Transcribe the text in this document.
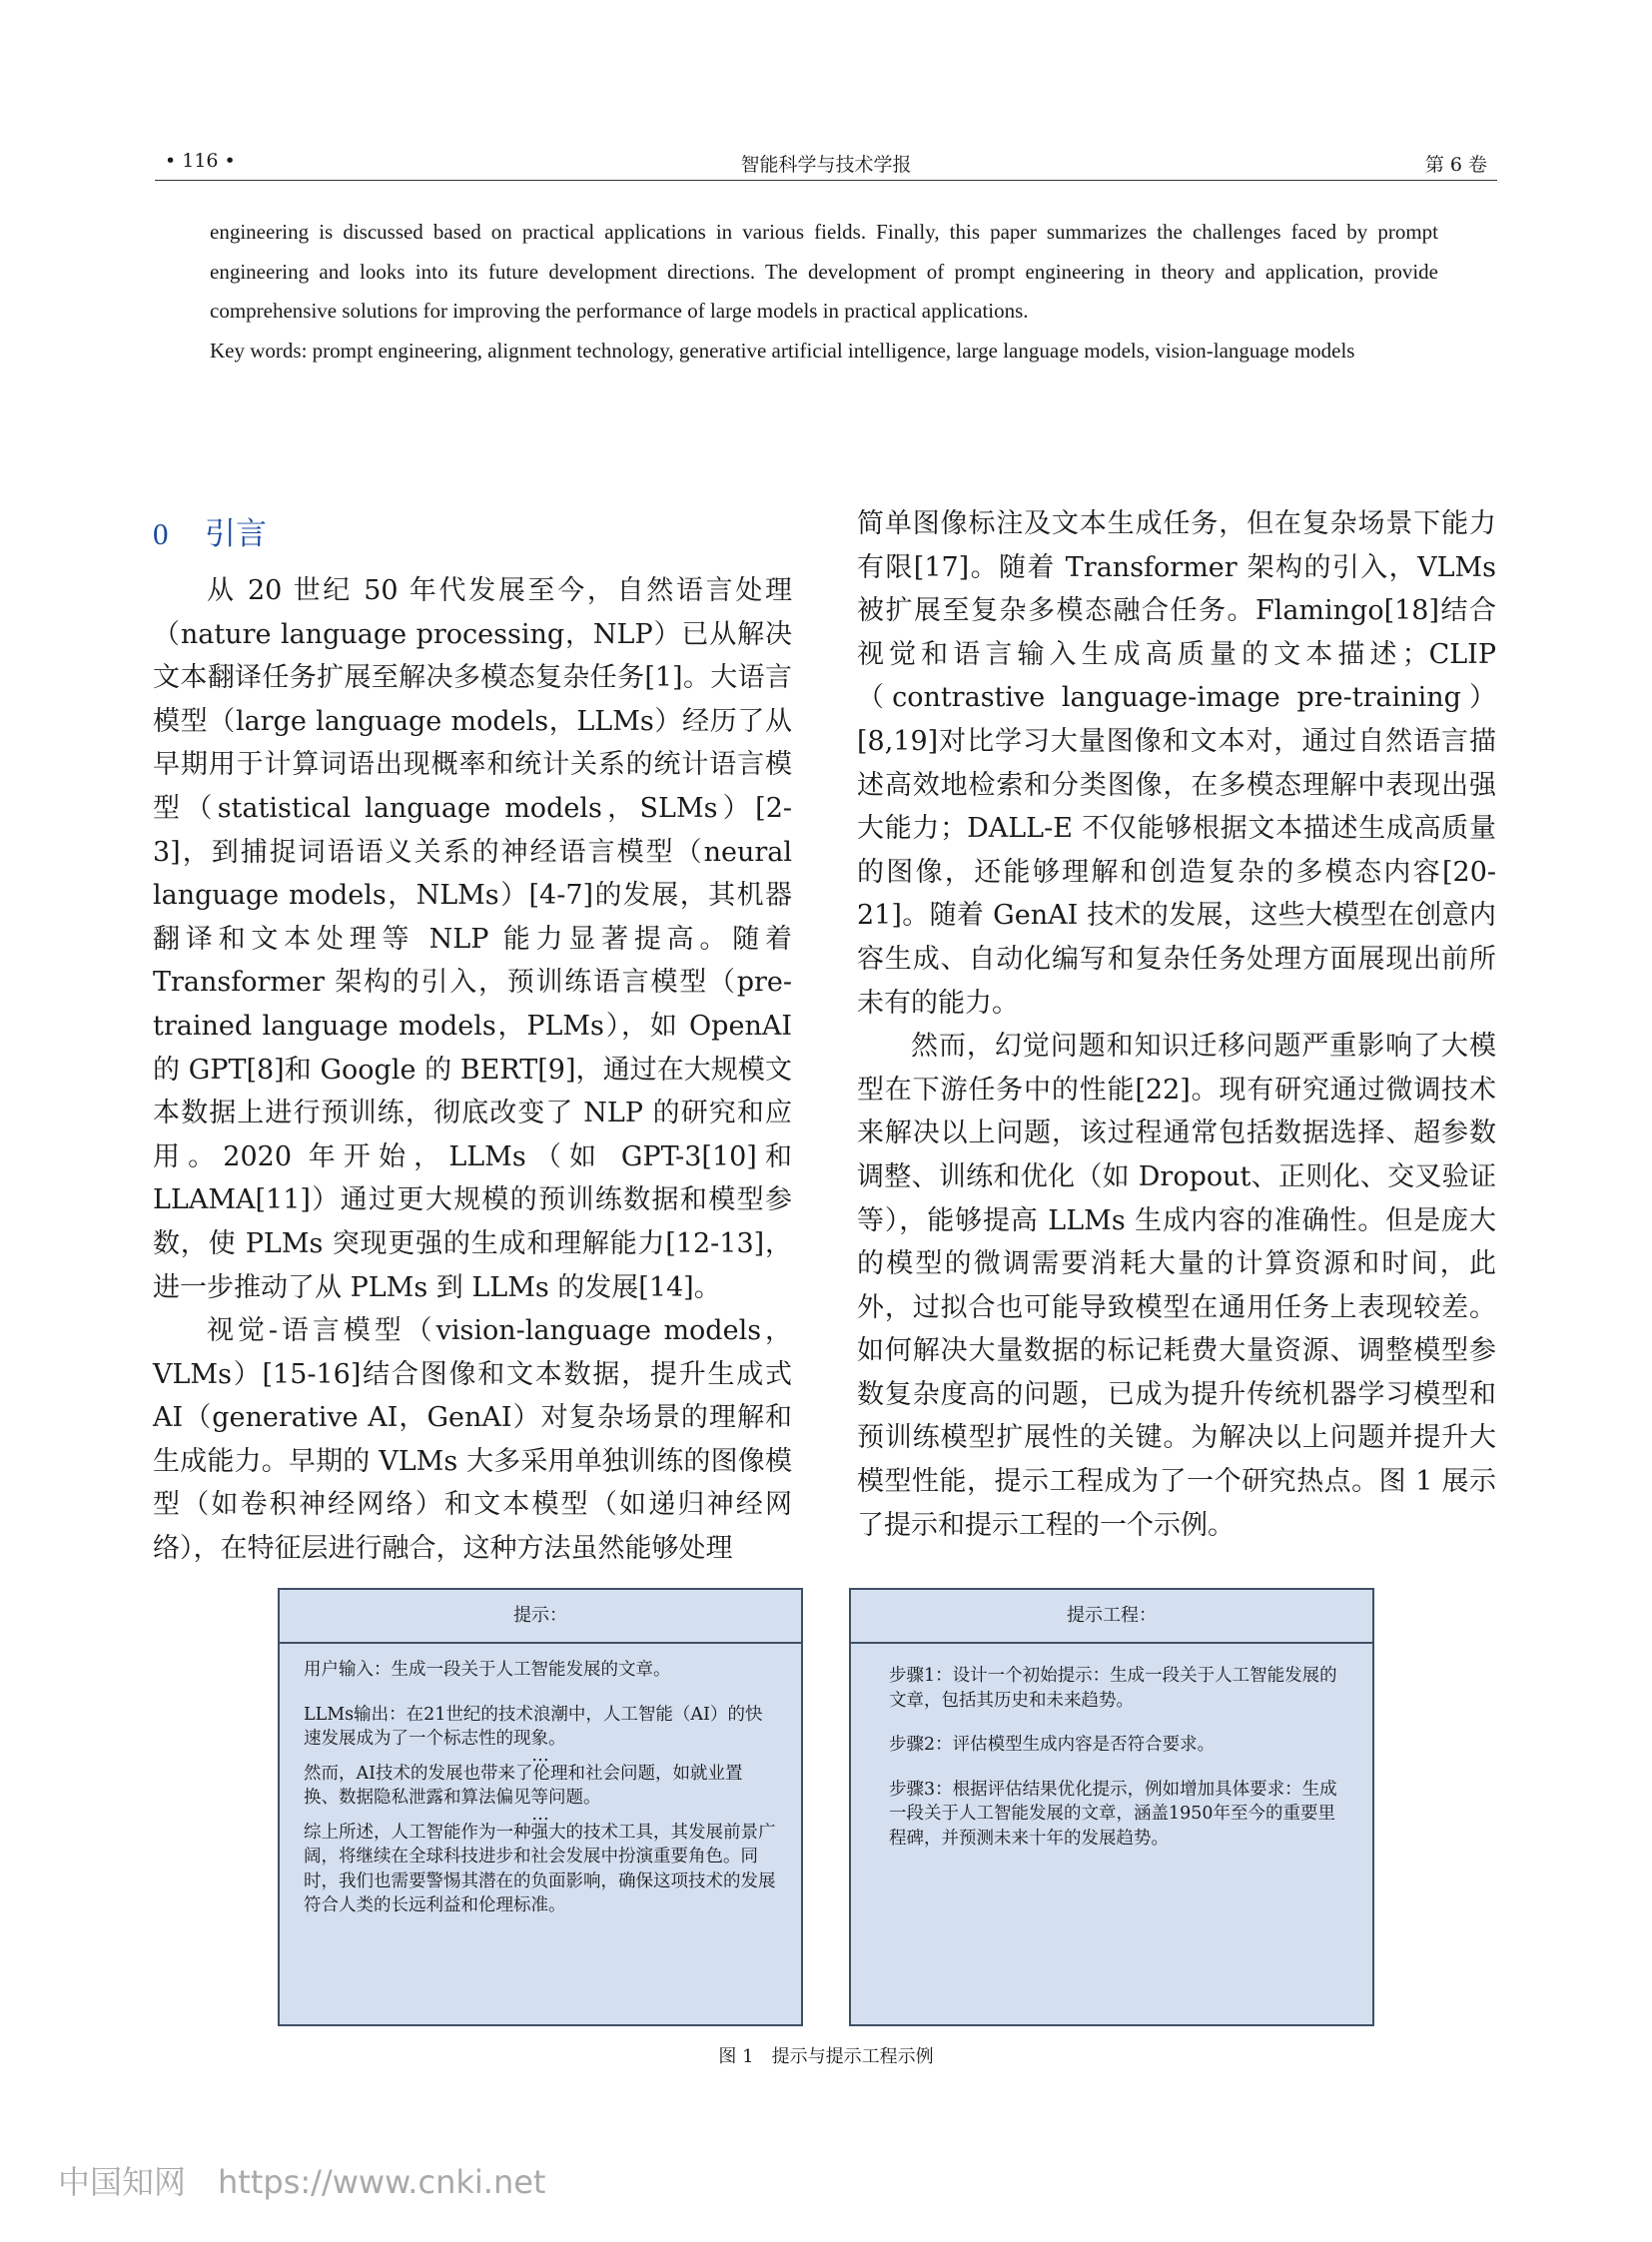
智能科学与技术学报
• 116 •	第 6 卷

engineering is discussed based on practical applications in various fields. Finally, this paper summarizes the challenges faced by prompt engineering and looks into its future development directions. The development of prompt engineering in theory and application, provide comprehensive solutions for improving the performance of large models in practical applications.

Key words: prompt engineering, alignment technology, generative artificial intelligence, large language models, vision-language models

0 引言

从 20 世纪 50 年代发展至今，自然语言处理（nature language processing，NLP）已从解决文本翻译任务扩展至解决多模态复杂任务[1]。大语言模型（large language models，LLMs）经历了从早期用于计算词语出现概率和统计关系的统计语言模型（statistical language models，SLMs）[2-3]，到捕捉词语语义关系的神经语言模型（neural language models，NLMs）[4-7]的发展，其机器翻译和文本处理等 NLP 能力显著提高。随着 Transformer 架构的引入，预训练语言模型（pre-trained language models，PLMs），如 OpenAI 的 GPT[8]和 Google 的 BERT[9]，通过在大规模文本数据上进行预训练，彻底改变了 NLP 的研究和应用。2020 年开始，LLMs（如 GPT-3[10]和 LLAMA[11]）通过更大规模的预训练数据和模型参数，使 PLMs 突现更强的生成和理解能力[12-13]，进一步推动了从 PLMs 到 LLMs 的发展[14]。

视觉-语言模型（vision-language models，VLMs）[15-16]结合图像和文本数据，提升生成式 AI（generative AI，GenAI）对复杂场景的理解和生成能力。早期的 VLMs 大多采用单独训练的图像模型（如卷积神经网络）和文本模型（如递归神经网络），在特征层进行融合，这种方法虽然能够处理

简单图像标注及文本生成任务，但在复杂场景下能力有限[17]。随着 Transformer 架构的引入，VLMs 被扩展至复杂多模态融合任务。Flamingo[18]结合视觉和语言输入生成高质量的文本描述；CLIP（contrastive language-image pre-training）[8,19]对比学习大量图像和文本对，通过自然语言描述高效地检索和分类图像，在多模态理解中表现出强大能力；DALL-E 不仅能够根据文本描述生成高质量的图像，还能够理解和创造复杂的多模态内容[20-21]。随着 GenAI 技术的发展，这些大模型在创意内容生成、自动化编写和复杂任务处理方面展现出前所未有的能力。

然而，幻觉问题和知识迁移问题严重影响了大模型在下游任务中的性能[22]。现有研究通过微调技术来解决以上问题，该过程通常包括数据选择、超参数调整、训练和优化（如 Dropout、正则化、交叉验证等），能够提高 LLMs 生成内容的准确性。但是庞大的模型的微调需要消耗大量的计算资源和时间，此外，过拟合也可能导致模型在通用任务上表现较差。如何解决大量数据的标记耗费大量资源、调整模型参数复杂度高的问题，已成为提升传统机器学习模型和预训练模型扩展性的关键。为解决以上问题并提升大模型性能，提示工程成为了一个研究热点。图 1 展示了提示和提示工程的一个示例。

提示：

用户输入：生成一段关于人工智能发展的文章。

LLMs输出：在21世纪的技术浪潮中，人工智能（AI）的快速发展成为了一个标志性的现象。

…

然而，AI技术的发展也带来了伦理和社会问题，如就业置换、数据隐私泄露和算法偏见等问题。

…

综上所述，人工智能作为一种强大的技术工具，其发展前景广阔，将继续在全球科技进步和社会发展中扮演重要角色。同时，我们也需要警惕其潜在的负面影响，确保这项技术的发展符合人类的长远利益和伦理标准。

提示工程：

步骤1：设计一个初始提示：生成一段关于人工智能发展的文章，包括其历史和未来趋势。

步骤2：评估模型生成内容是否符合要求。

步骤3：根据评估结果优化提示，例如增加具体要求：生成一段关于人工智能发展的文章，涵盖1950年至今的重要里程碑，并预测未来十年的发展趋势。

图 1　提示与提示工程示例
中国知网 https://www.cnki.net
